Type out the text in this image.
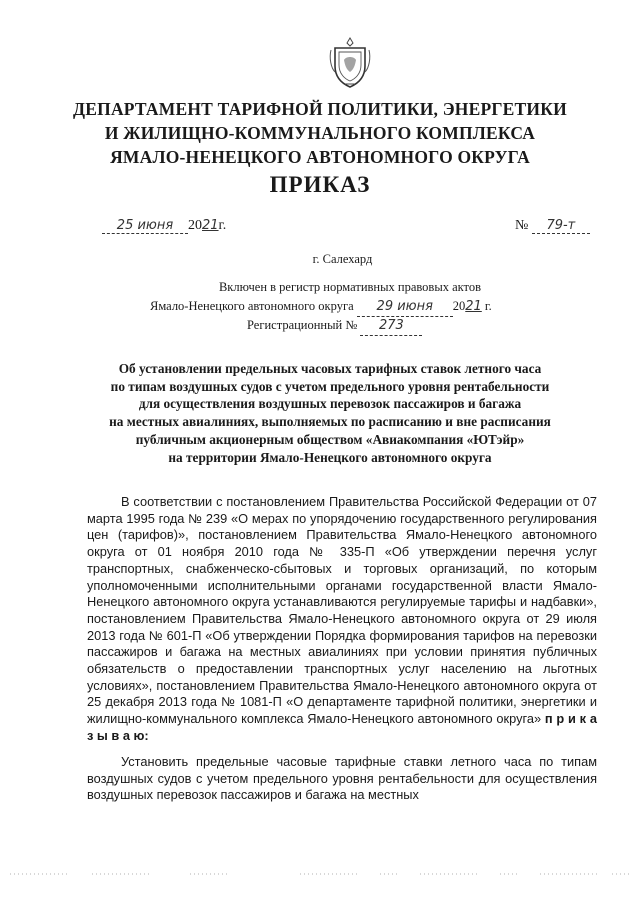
ДЕПАРТАМЕНТ ТАРИФНОЙ ПОЛИТИКИ, ЭНЕРГЕТИКИ
И ЖИЛИЩНО-КОММУНАЛЬНОГО КОМПЛЕКСА
ЯМАЛО-НЕНЕЦКОГО АВТОНОМНОГО ОКРУГА
ПРИКАЗ
25 июня 2021г.	№ 79-т
г. Салехард
Включен в регистр нормативных правовых актов
Ямало-Ненецкого автономного округа 29 июня 2021 г.
Регистрационный № 273
Об установлении предельных часовых тарифных ставок летного часа
по типам воздушных судов с учетом предельного уровня рентабельности
для осуществления воздушных перевозок пассажиров и багажа
на местных авиалиниях, выполняемых по расписанию и вне расписания
публичным акционерным обществом «Авиакомпания «ЮТэйр»
на территории Ямало-Ненецкого автономного округа
В соответствии с постановлением Правительства Российской Федерации от 07 марта 1995 года № 239 «О мерах по упорядочению государственного регулирования цен (тарифов)», постановлением Правительства Ямало-Ненецкого автономного округа от 01 ноября 2010 года № 335-П «Об утверждении перечня услуг транспортных, снабженческо-сбытовых и торговых организаций, по которым уполномоченными исполнительными органами государственной власти Ямало-Ненецкого автономного округа устанавливаются регулируемые тарифы и надбавки», постановлением Правительства Ямало-Ненецкого автономного округа от 29 июля 2013 года № 601-П «Об утверждении Порядка формирования тарифов на перевозки пассажиров и багажа на местных авиалиниях при условии принятия публичных обязательств о предоставлении транспортных услуг населению на льготных условиях», постановлением Правительства Ямало-Ненецкого автономного округа от 25 декабря 2013 года № 1081-П «О департаменте тарифной политики, энергетики и жилищно-коммунального комплекса Ямало-Ненецкого автономного округа» п р и к а з ы в а ю:
Установить предельные часовые тарифные ставки летного часа по типам воздушных судов с учетом предельного уровня рентабельности для осуществления воздушных перевозок пассажиров и багажа на местных
